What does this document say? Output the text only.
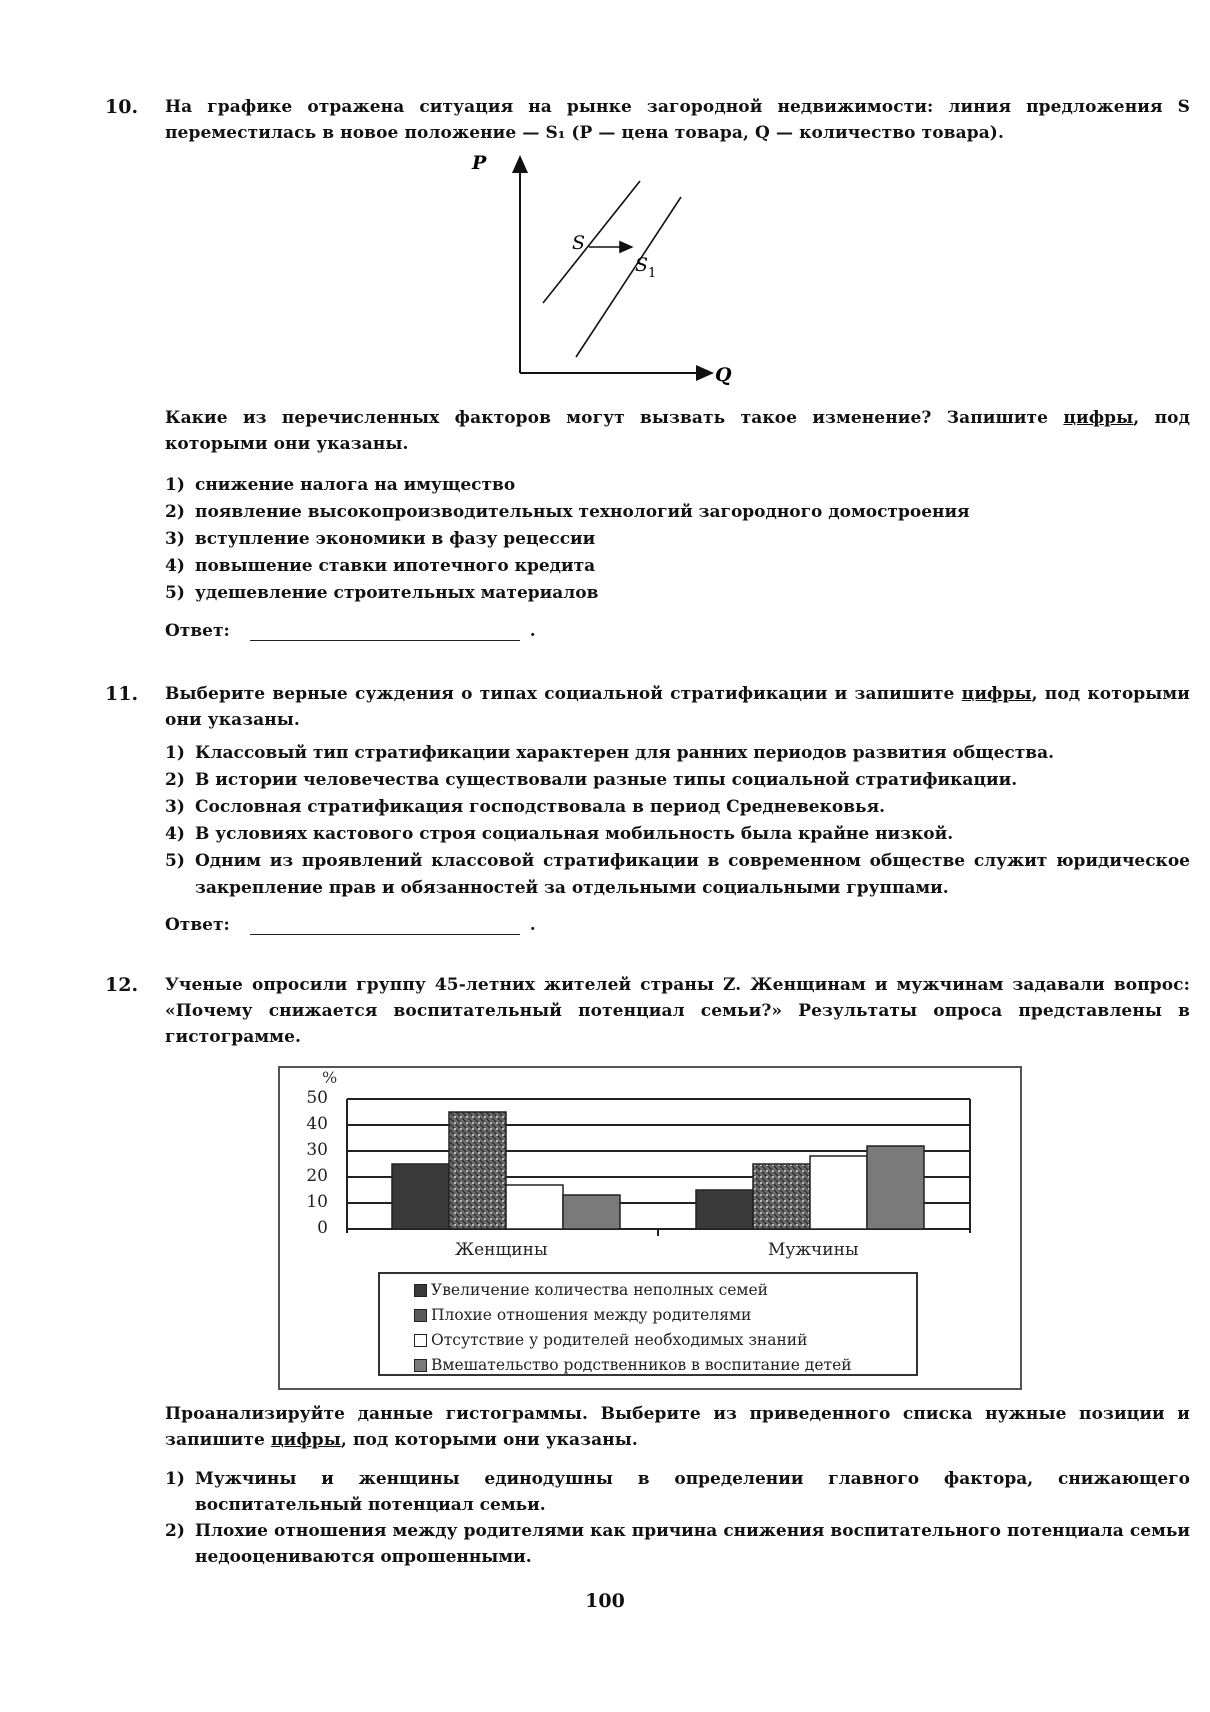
10. На графике отражена ситуация на рынке загородной недвижимости: линия предложения S переместилась в новое положение — S₁ (P — цена товара, Q — количество товара).
P
Q
S
S 1
Какие из перечисленных факторов могут вызвать такое изменение? Запишите цифры, под которыми они указаны.
1) снижение налога на имущество
2) появление высокопроизводительных технологий загородного домостроения
3) вступление экономики в фазу рецессии
4) повышение ставки ипотечного кредита
5) удешевление строительных материалов
Ответ:	.
11. Выберите верные суждения о типах социальной стратификации и запишите цифры, под которыми они указаны.
1) Классовый тип стратификации характерен для ранних периодов развития общества.
2) В истории человечества существовали разные типы социальной стратификации.
3) Сословная стратификация господствовала в период Средневековья.
4) В условиях кастового строя социальная мобильность была крайне низкой.
5) Одним из проявлений классовой стратификации в современном обществе служит юридическое закрепление прав и обязанностей за отдельными социальными группами.
Ответ:	.
12. Ученые опросили группу 45-летних жителей страны Z. Женщинам и мужчинам задавали вопрос: «Почему снижается воспитательный потенциал семьи?» Результаты опроса представлены в гистограмме.
%
50
40
30
20
10
0
Женщины	Мужчины
Увеличение количества неполных семей
Плохие отношения между родителями
Отсутствие у родителей необходимых знаний
Вмешательство родственников в воспитание детей
Проанализируйте данные гистограммы. Выберите из приведенного списка нужные позиции и запишите цифры, под которыми они указаны.
1) Мужчины и женщины единодушны в определении главного фактора, снижающего воспитательный потенциал семьи.
2) Плохие отношения между родителями как причина снижения воспитательного потенциала семьи недооцениваются опрошенными.
100
